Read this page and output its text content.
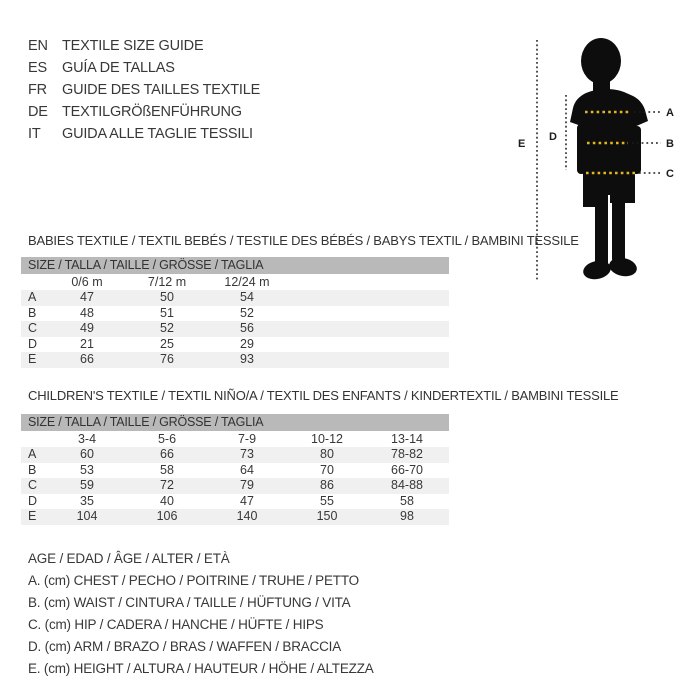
EN TEXTILE SIZE GUIDE
ES	GUÍA DE TALLAS
FR	GUIDE DES TAILLES TEXTILE
DE TEXTILGRÖßENFÜHRUNG
IT	GUIDA ALLE TAGLIE TESSILI
A
B
C
D
E
BABIES TEXTILE / TEXTIL BEBÉS / TESTILE DES BÉBÉS / BABYS TEXTIL / BAMBINI TESSILE
SIZE / TALLA / TAILLE / GRÖSSE / TAGLIA
0/6 m	7/12 m	12/24 m
A	47	50	54
B	48	51	52
C	49	52	56
D	21	25	29
E	66	76	93
CHILDREN'S TEXTILE / TEXTIL NIÑO/A / TEXTIL DES ENFANTS / KINDERTEXTIL / BAMBINI TESSILE
SIZE / TALLA / TAILLE / GRÖSSE / TAGLIA
3-4	5-6	7-9	10-12	13-14
A	60	66	73	80	78-82
B	53	58	64	70	66-70
C	59	72	79	86	84-88
D	35	40	47	55	58
E	104	106	140	150	98
AGE / EDAD / ÂGE / ALTER / ETÀ
A. (cm) CHEST / PECHO / POITRINE / TRUHE / PETTO
B. (cm) WAIST / CINTURA / TAILLE / HÜFTUNG / VITA
C. (cm) HIP / CADERA / HANCHE / HÜFTE / HIPS
D. (cm) ARM / BRAZO / BRAS / WAFFEN / BRACCIA
E. (cm) HEIGHT / ALTURA / HAUTEUR / HÖHE / ALTEZZA
